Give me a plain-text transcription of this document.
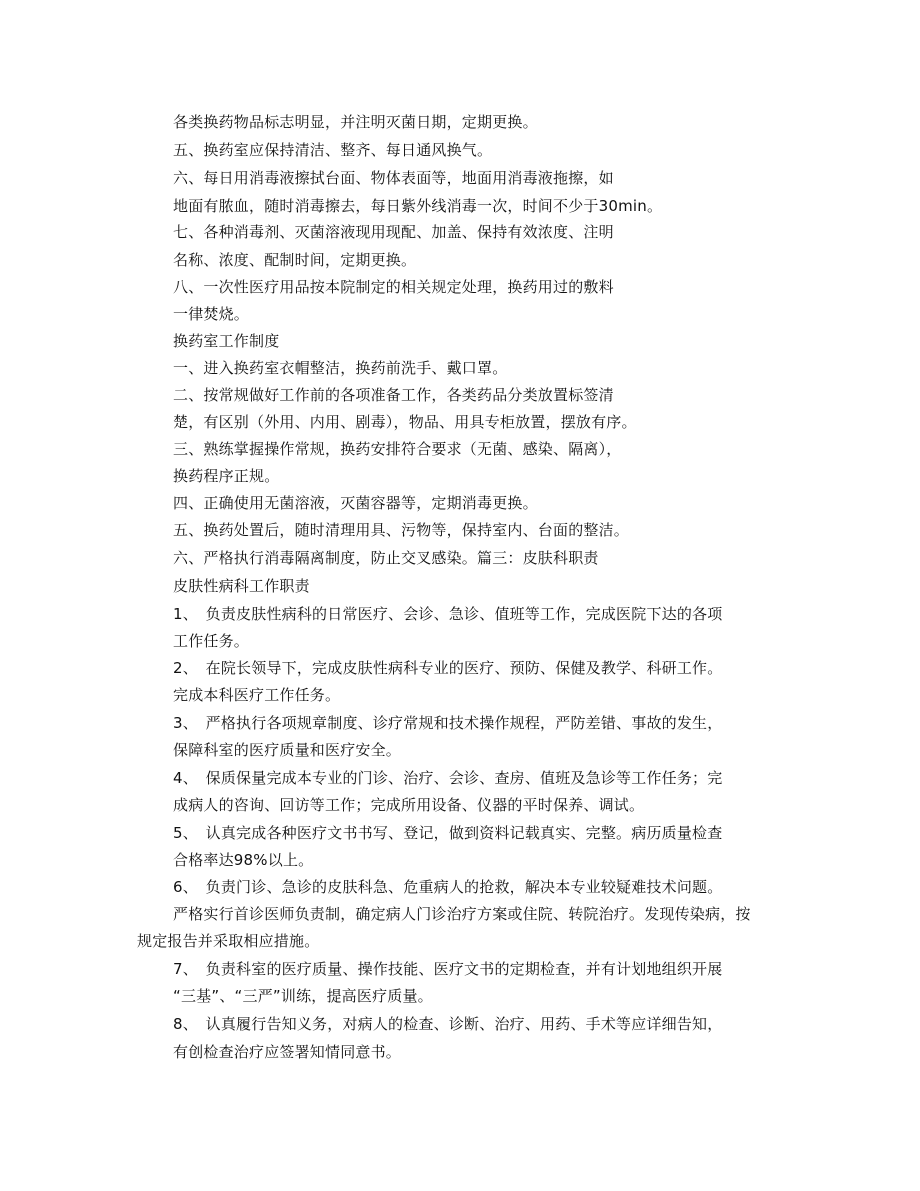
各类换药物品标志明显，并注明灭菌日期，定期更换。
五、换药室应保持清洁、整齐、每日通风换气。
六、每日用消毒液擦拭台面、物体表面等，地面用消毒液拖擦，如
地面有脓血，随时消毒擦去，每日紫外线消毒一次，时间不少于30min。
七、各种消毒剂、灭菌溶液现用现配、加盖、保持有效浓度、注明
名称、浓度、配制时间，定期更换。
八、一次性医疗用品按本院制定的相关规定处理，换药用过的敷料
一律焚烧。
换药室工作制度
一、进入换药室衣帽整洁，换药前洗手、戴口罩。
二、按常规做好工作前的各项准备工作，各类药品分类放置标签清
楚，有区别（外用、内用、剧毒），物品、用具专柜放置，摆放有序。
三、熟练掌握操作常规，换药安排符合要求（无菌、感染、隔离），
换药程序正规。
四、正确使用无菌溶液，灭菌容器等，定期消毒更换。
五、换药处置后，随时清理用具、污物等，保持室内、台面的整洁。
六、严格执行消毒隔离制度，防止交叉感染。篇三：皮肤科职责
皮肤性病科工作职责
1、　负责皮肤性病科的日常医疗、会诊、急诊、值班等工作，完成医院下达的各项
工作任务。
2、　在院长领导下，完成皮肤性病科专业的医疗、预防、保健及教学、科研工作。
完成本科医疗工作任务。
3、　严格执行各项规章制度、诊疗常规和技术操作规程，严防差错、事故的发生，
保障科室的医疗质量和医疗安全。
4、　保质保量完成本专业的门诊、治疗、会诊、查房、值班及急诊等工作任务；完
成病人的咨询、回访等工作；完成所用设备、仪器的平时保养、调试。
5、　认真完成各种医疗文书书写、登记，做到资料记载真实、完整。病历质量检查
合格率达98%以上。
6、　负责门诊、急诊的皮肤科急、危重病人的抢救，解决本专业较疑难技术问题。
严格实行首诊医师负责制，确定病人门诊治疗方案或住院、转院治疗。发现传染病，按
规定报告并采取相应措施。
7、　负责科室的医疗质量、操作技能、医疗文书的定期检查，并有计划地组织开展
“三基”、“三严”训练，提高医疗质量。
8、　认真履行告知义务，对病人的检查、诊断、治疗、用药、手术等应详细告知，
有创检查治疗应签署知情同意书。
